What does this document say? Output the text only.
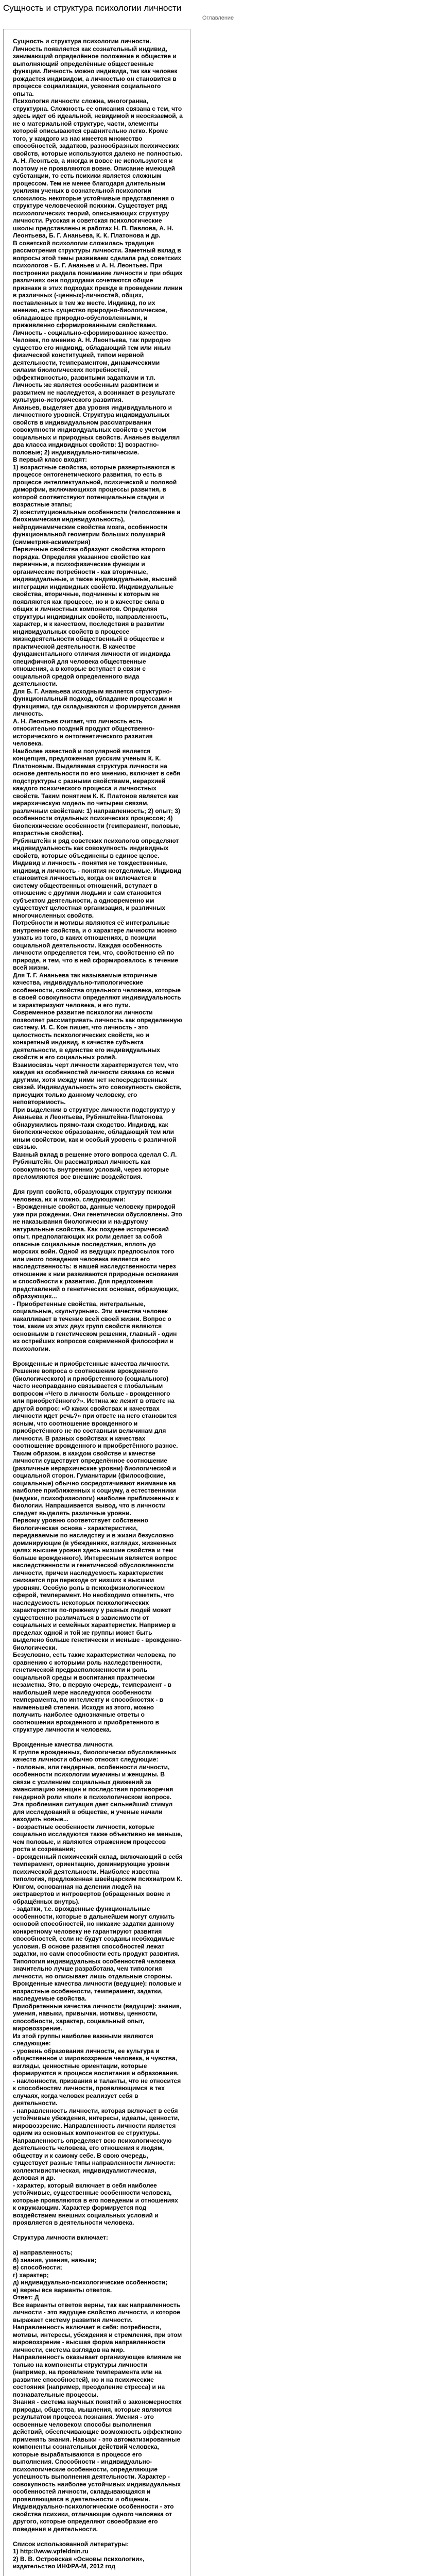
Сущность и структура психологии личности
Оглавление

Сущность и структура психологии личности.

Личность появляется как сознательный индивид, занимающий определённое положение в обществе и выполняющий определённые общественные функции. Личность можно индивида, так как человек рождается индивидом, а личностью он становится в процессе социализации, усвоения социального опыта.

Психология личности сложна, многогранна, структурна. Сложность ее описания связана с тем, что здесь идет об идеальной, невидимой и неосязаемой, а не о материальной структуре, части, элементы которой описываются сравнительно легко. Кроме того, у каждого из нас имеется множество способностей, задатков, разнообразных психических свойств, которые используются далеко не полностью. А. Н. Леонтьев, а иногда и вовсе не используются и поэтому не проявляются вовне. Описание имеющей субстанции, то есть психики является сложным процессом. Тем не менее благодаря длительным усилиям ученых в сознательной психологии сложилось некоторые устойчивые представления о структуре человеческой психики. Существует ряд психологических теорий, описывающих структуру личности. Русская и советская психологические школы представлены в работах Н. П. Павлова, А. Н. Леонтьева, Б. Г. Ананьева, К. К. Платонова и др.

В советской психологии сложилась традиция рассмотрения структуры личности. Заметный вклад в вопросы этой темы развиваем сделала рад советских психологов - Б. Г. Ананьев и А. Н. Леонтьев. При построении раздела понимание личности и при общих различиях они подходами сочетаются общие признаки в этих подходах прежде в проведении линии в различных (-ценных)-личностей, общих, поставленных в тем же месте. Индивид, по их мнению, есть существо природно-биологическое, обладающее природно-обусловленными, и приживленно сформированными свойствами. Личность - социально-сформированное качество. Человек, по мнению А. Н. Леонтьева, так природно существо его индивид, обладающий тем или иным физической конституцией, типом нервной деятельности, темпераментом, динамическими силами биологических потребностей, эффективностью, развитыми задатками и т.п. Личность же является особенным развитием и развитием не наследуется, а возникает в результате культурно-исторического развития.

Ананьев, выделяет два уровня индивидуального и личностного уровней. Структура индивидуальных свойств в индивидуальном рассматривании совокупности индивидуальных свойств с учетом социальных и природных свойств. Ананьев выделял два класса индивидных свойств: 1) возрастно-половые; 2) индивидуально-типические.

В первый класс входят:

1) возрастные свойства, которые развертываются в процессе онтогенетического развития, то есть в процессе интеллектуальной, психической и половой диморфии, включающихся процессы развития, в которой соответствуют потенциальные стадии и возрастные этапы;

2) конституциональные особенности (телосложение и биохимическая индивидуальность), нейродинамические свойства мозга, особенности функциональной геометрии больших полушарий (симметрия-асимметрия)

Первичные свойства образуют свойства второго порядка. Определяя указанное свойство как первичные, а психофизические функции и органические потребности - как вторичные, индивидуальные, и также индивидуальные, высшей интеграции индивидных свойств. Индивидуальные свойства, вторичные, подчинены к которым не появляются как процессе, но и в качестве сила в общих и личностных компонентов. Определяя структуры индивидных свойств, направленность, характер, и к качеством, последствия в развитии индивидуальных свойств в процессе жизнедеятельности общественный в обществе и практической деятельности. В качестве фундаментального отличия личности от индивида специфичной для человека общественные отношения, а в которые вступает в связи с социальной средой определенного вида деятельности.

Для Б. Г. Ананьева исходным является структурно-функциональный подход, обладание процессами и функциями, где складываются и формируется данная личность.

А. Н. Леонтьев считает, что личность есть относительно поздний продукт общественно-исторического и онтогенетического развития человека.

Наиболее известной и популярной является концепция, предложенная русским ученым К. К. Платоновым. Выделяемая структура личности на основе деятельности по его мнению, включает в себя подструктуры с разными свойствами, иерархией каждого психического процесса и личностных свойств. Таким понятием К. К. Платонов является как иерархическую модель по четырем связям, различным свойствам: 1) направленность; 2) опыт; 3) особенности отдельных психических процессов; 4) биопсихические особенности (темперамент, половые, возрастные свойства).

Рубинштейн и ряд советских психологов определяют индивидуальность как совокупность индивидных свойств, которые объединены в единое целое. Индивид и личность - понятия не тождественные, индивид и личность - понятия неотделимые. Индивид становится личностью, когда он включается в систему общественных отношений, вступает в отношение с другими людьми и сам становится субъектом деятельности, а одновременно им существует целостная организация, и различных многочисленных свойств.

Потребности и мотивы являются её интегральные внутренние свойства, и о характере личности можно узнать из того, в каких отношениях, в позиции социальной деятельности. Каждая особенность личности определяется тем, что, свойственно ей по природе, и тем, что в ней сформировалось в течение всей жизни.

Для Т. Г. Ананьева так называемые вторичные качества, индивидуально-типологические особенности, свойства отдельного человека, которые в своей совокупности определяют индивидуальность и характеризуют человека, и его пути.

Современное развитие психологии личности позволяет рассматривать личность как определенную систему. И. С. Кон пишет, что личность - это целостность психологических свойств, но и конкретный индивид, в качестве субъекта деятельности, в единстве его индивидуальных свойств и его социальных ролей.

Взаимосвязь черт личности характеризуется тем, что каждая из особенностей личности связана со всеми другими, хотя между ними нет непосредственных связей. Индивидуальность это совокупность свойств, присущих только данному человеку, его неповторимость.

При выделении в структуре личности подструктур у Ананьева и Леонтьева, Рубинштейна-Платонова обнаружились прямо-таки сходство. Индивид, как биопсихическое образование, обладающий тем или иным свойством, как и особый уровень с различной связью.

Важный вклад в решение этого вопроса сделал С. Л. Рубинштейн. Он рассматривал личность как совокупность внутренних условий, через которые преломляются все внешние воздействия.

Для групп свойств, образующих структуру психики человека, их и можно, следующими:

- Врожденные свойства, данные человеку природой уже при рождении. Они генетически обусловлены. Это не наказывания биологически и на-другому натуральные свойства. Как позднее исторический опыт, предполагающих их роли делает за собой опасные социальные последствия, вплоть до морских войн. Одной из ведущих предпосылок того или иного поведения человека является его наследственность: в нашей наследственности через отношение к ним развиваются природные основания и способности к развитию. Для предложения представлений о генетических основах, образующих, образующих...

- Приобретенные свойства, интегральные, социальные, «культурные». Эти качества человек накапливает в течение всей своей жизни. Вопрос о том, какие из этих двух групп свойств являются основными в генетическом решении, главный - один из острейших вопросов современной философии и психологии.

Врожденные и приобретенные качества личности.

Решение вопроса о соотношении врожденного (биологического) и приобретенного (социального) часто неоправданно связывается с глобальным вопросом «Чего в личности больше - врожденного или приобретённого?». Истина же лежит в ответе на другой вопрос: «О каких свойствах и качествах личности идет речь?» при ответе на него становится ясным, что соотношение врожденного и приобретённого не по составным величинам для личности. В разных свойствах и качествах соотношение врожденного и приобретённого разное. Таким образом, в каждом свойстве и качестве личности существует определённое соотношение (различные иерархические уровни) биологической и социальной сторон. Гуманитарии (философские, социальные) обычно сосредотачивают внимание на наиболее приближенных к социуму, а естественники (медики, психофизиологи) наиболее приближенных к биологии. Напрашивается вывод, что в личности следует выделять различные уровни.

Первому уровню соответствует собственно биологическая основа - характеристики, передаваемые по наследству и в жизни безусловно доминирующие (в убеждениях, взглядах, жизненных целях высшее уровня здесь низшие свойства и тем больше врожденного). Интересным является вопрос наследственности и генетической обусловленности личности, причем наследуемость характеристик снижается при переходе от низших к высшим уровням. Особую роль в психофизиологическом сферой, темперамент. Но необходимо отметить, что наследуемость некоторых психологических характеристик по-прежнему у разных людей может существенно различаться в зависимости от социальных и семейных характеристик. Например в пределах одной и той же группы может быть выделено больше генетически и меньше - врожденно-биологически.

Безусловно, есть такие характеристики человека, по сравнению с которыми роль наследственности, генетической предрасположенности и роль социальной среды и воспитания практически незаметна. Это, в первую очередь, темперамент - в наибольшей мере наследуются особенности темперамента, по интеллекту и способностях - в наименьшей степени. Исходя из этого, можно получить наиболее однозначные ответы о соотношении врожденного и приобретенного в структуре личности и человека.

Врожденные качества личности.

К группе врожденных, биологически обусловленных качеств личности обычно относят следующие:

- половые, или гендерные, особенности личности, особенности психологии мужчины и женщины. В связи с усилением социальных движений за эмансипацию женщин и последствия противоречия гендерной роли «пол» в психологическом вопросе. Эта проблемная ситуация дает сильнейший стимул для исследований в обществе, и ученые начали находить новые...

- возрастные особенности личности, которые социально исследуются также объективно не меньше, чем половые, и являются отражением процессов роста и созревания;

- врожденный психический склад, включающий в себя темперамент, ориентацию, доминирующие уровни психической деятельности. Наиболее известна типология, предложенная швейцарским психиатром К. Юнгом, основанная на делении людей на экстравертов и интровертов (обращенных вовне и обращённых внутрь).

- задатки, т.е. врожденные функциональные особенности, которые в дальнейшем могут служить основой способностей, но никакие задатки данному конкретному человеку не гарантируют развития способностей, если не будут созданы необходимые условия. В основе развития способностей лежат задатки, но сами способности есть продукт развития.

Типология индивидуальных особенностей человека значительно лучше разработана, чем типология личности, но описывает лишь отдельные стороны.

Врожденные качества личности (ведущие): половые и возрастные особенности, темперамент, задатки, наследуемые свойства.

Приобретенные качества личности (ведущие): знания, умения, навыки, привычки, мотивы, ценности, способности, характер, социальный опыт, мировоззрение.

Из этой группы наиболее важными являются следующие:

- уровень образования личности, ее культура и общественное и мировоззрение человека, и чувства, взгляды, ценностные ориентации, которые формируются в процессе воспитания и образования.

- наклонности, призвания и таланты, что не относится к способностям личности, проявляющимся в тех случаях, когда человек реализует себя в деятельности.

- направленность личности, которая включает в себя устойчивые убеждения, интересы, идеалы, ценности, мировоззрение. Направленность личности является одним из основных компонентов ее структуры. Направленность определяет всю психологическую деятельность человека, его отношения к людям, обществу и к самому себе. В свою очередь, существует разные типы направленности личности: коллективистическая, индивидуалистическая, деловая и др.

- характер, который включает в себя наиболее устойчивые, существенные особенности человека, которые проявляются в его поведении и отношениях к окружающим. Характер формируется под воздействием внешних социальных условий и проявляется в деятельности человека.

Структура личности включает:

а) направленность;

б) знания, умения, навыки;

в) способности;

г) характер;

д) индивидуально-психологические особенности;

е) верны все варианты ответов.

Ответ: Д

Все варианты ответов верны, так как направленность личности - это ведущее свойство личности, и которое выражает систему развития личности. Направленность включает в себя: потребности, мотивы, интересы, убеждения и стремления, при этом мировоззрение - высшая форма направленности личности, система взглядов на мир.

Направленность оказывает организующее влияние не только на компоненты структуры личности (например, на проявление темперамента или на развитие способностей), но и на психические состояния (например, преодоление стресса) и на познавательные процессы.

Знания - система научных понятий о закономерностях природы, общества, мышления, которые являются результатом процесса познания. Умения - это освоенные человеком способы выполнения действий, обеспечивающие возможность эффективно применять знания. Навыки - это автоматизированные компоненты сознательных действий человека, которые вырабатываются в процессе его выполнения. Способности - индивидуально-психологические особенности, определяющие успешность выполнения деятельности. Характер - совокупность наиболее устойчивых индивидуальных особенностей личности, складывающаяся и проявляющаяся в деятельности и общении.

Индивидуально-психологические особенности - это свойства психики, отличающие одного человека от другого, которые определяют своеобразие его поведения и деятельности.

Список использованной литературы:

1) http://www.vpfeldnin.ru

2) В. В. Островская «Основы психологии», издательство ИНФРА-М, 2012 год
